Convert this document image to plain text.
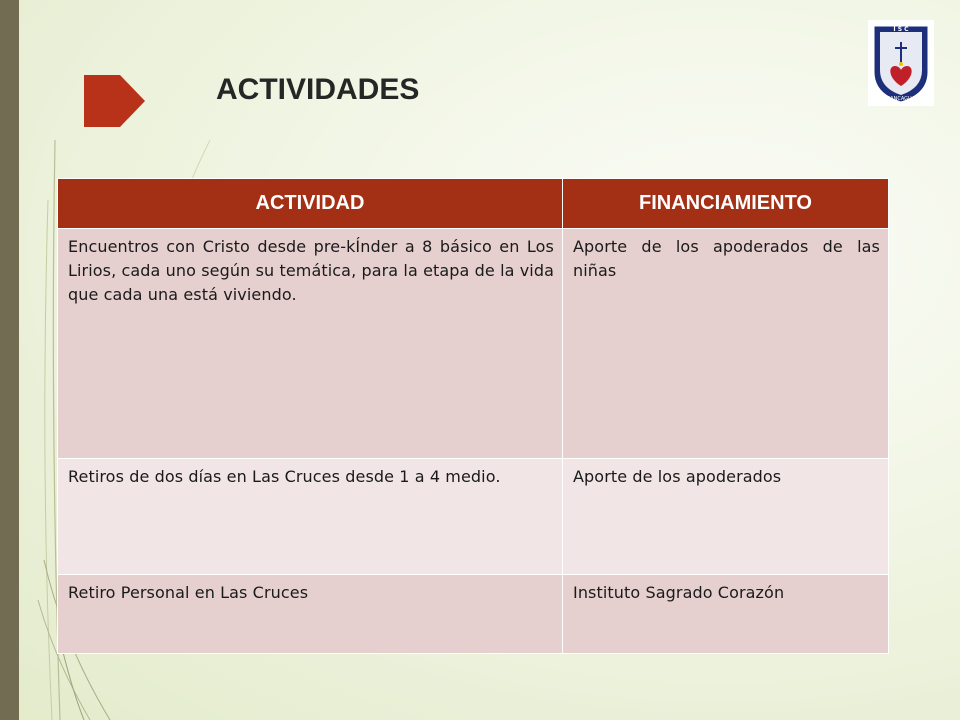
ACTIVIDADES
I S C
RANCAGUA
ACTIVIDAD	FINANCIAMIENTO
Encuentros con Cristo desde pre-kÍnder a 8 básico en Los Lirios, cada uno según su temática, para la etapa de la vida que cada una está viviendo.	Aporte de los apoderados de las niñas
Retiros de dos días en Las Cruces desde 1 a 4 medio.	Aporte de los apoderados
Retiro Personal en Las Cruces	Instituto Sagrado Corazón
